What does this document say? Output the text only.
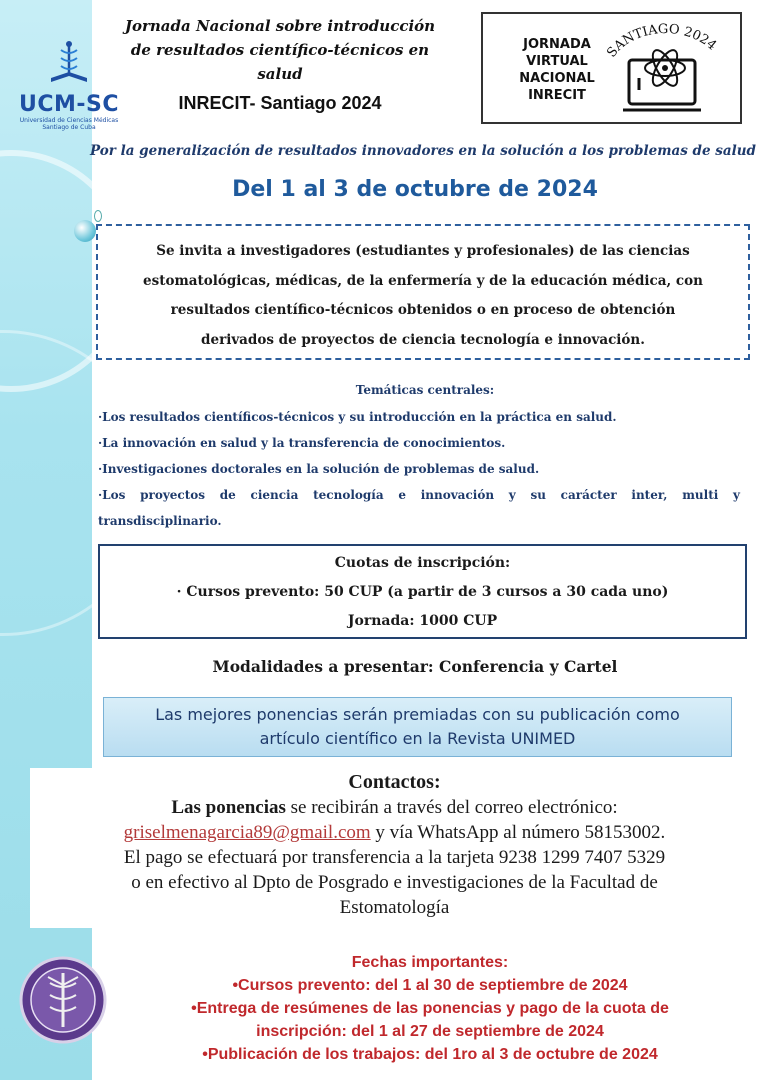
UCM-SC
Universidad de Ciencias Médicas
Santiago de Cuba
Jornada Nacional sobre introducción
de resultados científico-técnicos en
salud
INRECIT- Santiago 2024
JORNADA
VIRTUAL
NACIONAL
INRECIT
SANTIAGO 2024
Por la generalización de resultados innovadores en la solución a los problemas de salud
Del 1 al 3 de octubre de 2024
Se invita a investigadores (estudiantes y profesionales) de las ciencias
estomatológicas, médicas, de la enfermería y de la educación médica, con
resultados científico-técnicos obtenidos o en proceso de obtención
derivados de proyectos de ciencia tecnología e innovación.
Temáticas centrales:
·Los resultados científicos-técnicos y su introducción en la práctica en salud.
·La innovación en salud y la transferencia de conocimientos.
·Investigaciones doctorales en la solución de problemas de salud.
·Los proyectos de ciencia tecnología e innovación y su carácter inter, multi y transdisciplinario.
Cuotas de inscripción:
· Cursos prevento: 50 CUP (a partir de 3 cursos a 30 cada uno)
Jornada: 1000 CUP
Modalidades a presentar: Conferencia y Cartel
Las mejores ponencias serán premiadas con su publicación como
artículo científico en la Revista UNIMED
Contactos:
Las ponencias se recibirán a través del correo electrónico:
griselmenagarcia89@gmail.com y vía WhatsApp al número 58153002.
El pago se efectuará por transferencia a la tarjeta 9238 1299 7407 5329
o en efectivo al Dpto de Posgrado e investigaciones de la Facultad de
Estomatología
Fechas importantes:
•Cursos prevento: del 1 al 30 de septiembre de 2024
•Entrega de resúmenes de las ponencias y pago de la cuota de
inscripción: del 1 al 27 de septiembre de 2024
•Publicación de los trabajos: del 1ro al 3 de octubre de 2024
